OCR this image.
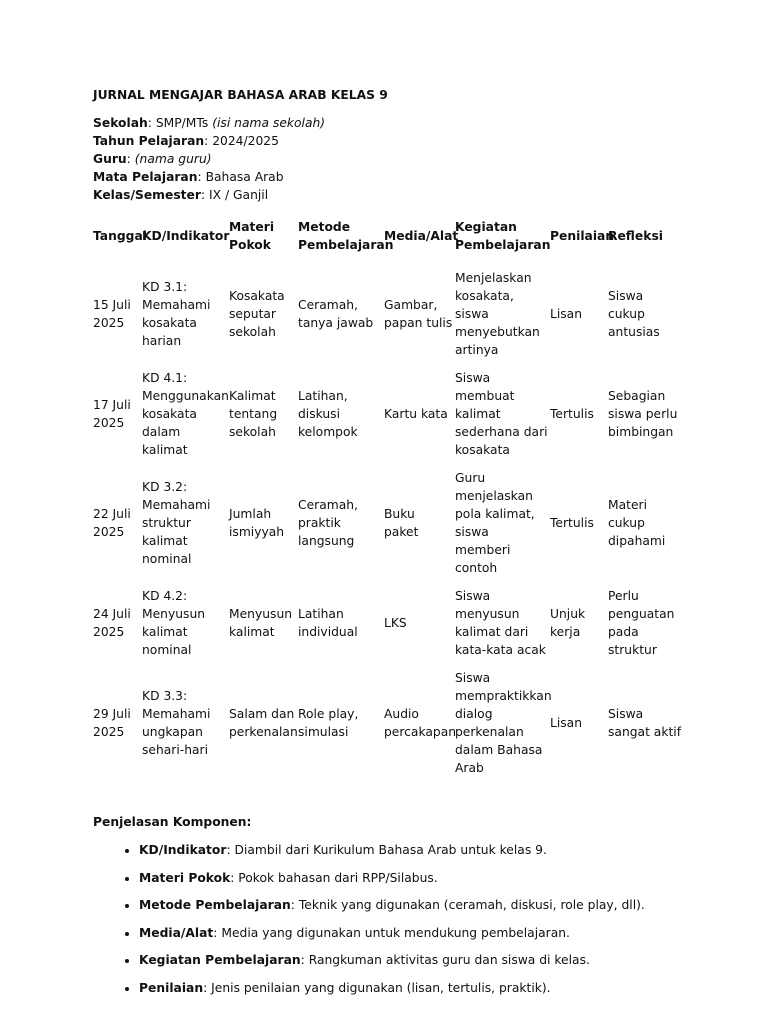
JURNAL MENGAJAR BAHASA ARAB KELAS 9

Sekolah: SMP/MTs (isi nama sekolah)

Tahun Pelajaran: 2024/2025

Guru: (nama guru)

Mata Pelajaran: Bahasa Arab

Kelas/Semester: IX / Ganjil

Tanggal	KD/Indikator	Materi Pokok	Metode Pembelajaran	Media/Alat	Kegiatan Pembelajaran	Penilaian	Refleksi
15 Juli 2025	KD 3.1: Memahami kosakata harian	Kosakata seputar sekolah	Ceramah, tanya jawab	Gambar, papan tulis	Menjelaskan kosakata, siswa menyebutkan artinya	Lisan	Siswa cukup antusias
17 Juli 2025	KD 4.1: Menggunakan kosakata dalam kalimat	Kalimat tentang sekolah	Latihan, diskusi kelompok	Kartu kata	Siswa membuat kalimat sederhana dari kosakata	Tertulis	Sebagian siswa perlu bimbingan
22 Juli 2025	KD 3.2: Memahami struktur kalimat nominal	Jumlah ismiyyah	Ceramah, praktik langsung	Buku paket	Guru menjelaskan pola kalimat, siswa memberi contoh	Tertulis	Materi cukup dipahami
24 Juli 2025	KD 4.2: Menyusun kalimat nominal	Menyusun kalimat	Latihan individual	LKS	Siswa menyusun kalimat dari kata-kata acak	Unjuk kerja	Perlu penguatan pada struktur
29 Juli 2025	KD 3.3: Memahami ungkapan sehari-hari	Salam dan perkenalan	Role play, simulasi	Audio percakapan	Siswa mempraktikkan dialog perkenalan dalam Bahasa Arab	Lisan	Siswa sangat aktif
Penjelasan Komponen:
• KD/Indikator: Diambil dari Kurikulum Bahasa Arab untuk kelas 9.
• Materi Pokok: Pokok bahasan dari RPP/Silabus.
• Metode Pembelajaran: Teknik yang digunakan (ceramah, diskusi, role play, dll).
• Media/Alat: Media yang digunakan untuk mendukung pembelajaran.
• Kegiatan Pembelajaran: Rangkuman aktivitas guru dan siswa di kelas.
• Penilaian: Jenis penilaian yang digunakan (lisan, tertulis, praktik).
